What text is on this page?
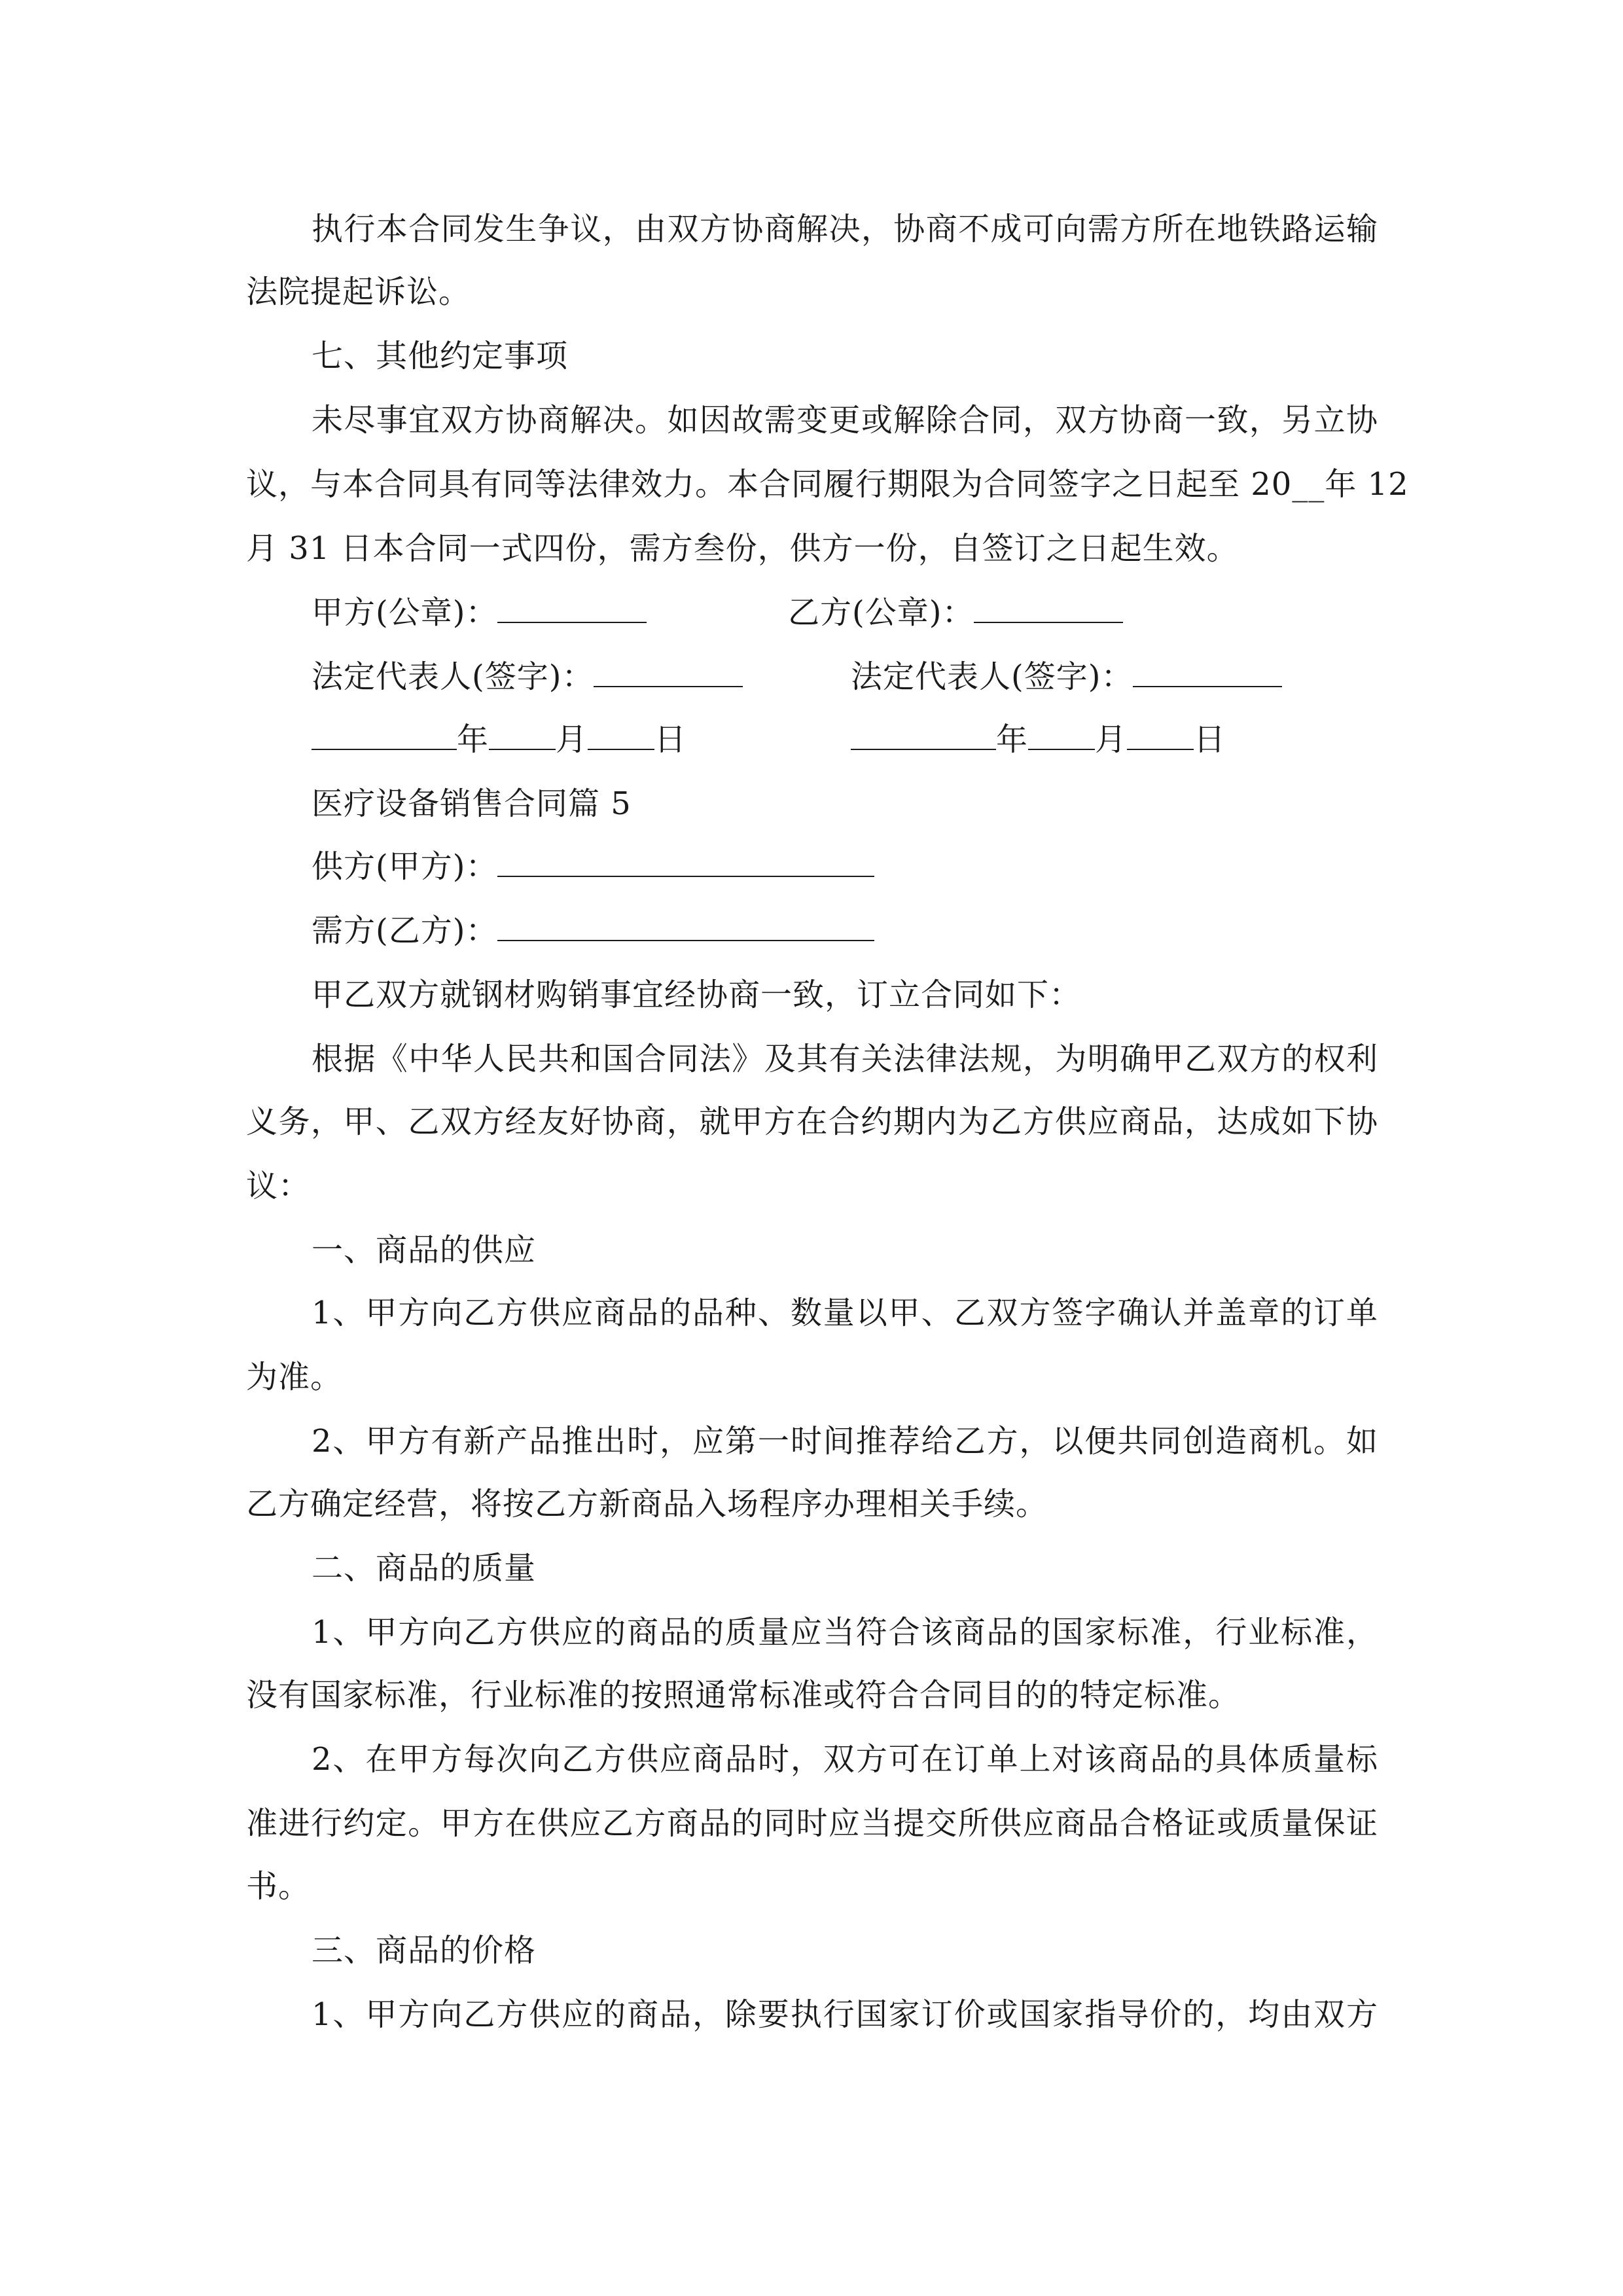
执行本合同发生争议，由双方协商解决，协商不成可向需方所在地铁路运输
法院提起诉讼。
七、其他约定事项
未尽事宜双方协商解决。如因故需变更或解除合同，双方协商一致，另立协
议，与本合同具有同等法律效力。本合同履行期限为合同签字之日起至 20__年 12
月 31 日本合同一式四份，需方叁份，供方一份，自签订之日起生效。
甲方(公章)：	乙方(公章)：
法定代表人(签字)：	法定代表人(签字)：
年 月 日	年 月 日
医疗设备销售合同篇 5
供方(甲方)：
需方(乙方)：
甲乙双方就钢材购销事宜经协商一致，订立合同如下：
根据《中华人民共和国合同法》及其有关法律法规，为明确甲乙双方的权利
义务，甲、乙双方经友好协商，就甲方在合约期内为乙方供应商品，达成如下协
议：
一、商品的供应
1、甲方向乙方供应商品的品种、数量以甲、乙双方签字确认并盖章的订单
为准。
2、甲方有新产品推出时，应第一时间推荐给乙方，以便共同创造商机。如
乙方确定经营，将按乙方新商品入场程序办理相关手续。
二、商品的质量
1、甲方向乙方供应的商品的质量应当符合该商品的国家标准，行业标准，
没有国家标准，行业标准的按照通常标准或符合合同目的的特定标准。
2、在甲方每次向乙方供应商品时，双方可在订单上对该商品的具体质量标
准进行约定。甲方在供应乙方商品的同时应当提交所供应商品合格证或质量保证
书。
三、商品的价格
1、甲方向乙方供应的商品，除要执行国家订价或国家指导价的，均由双方
